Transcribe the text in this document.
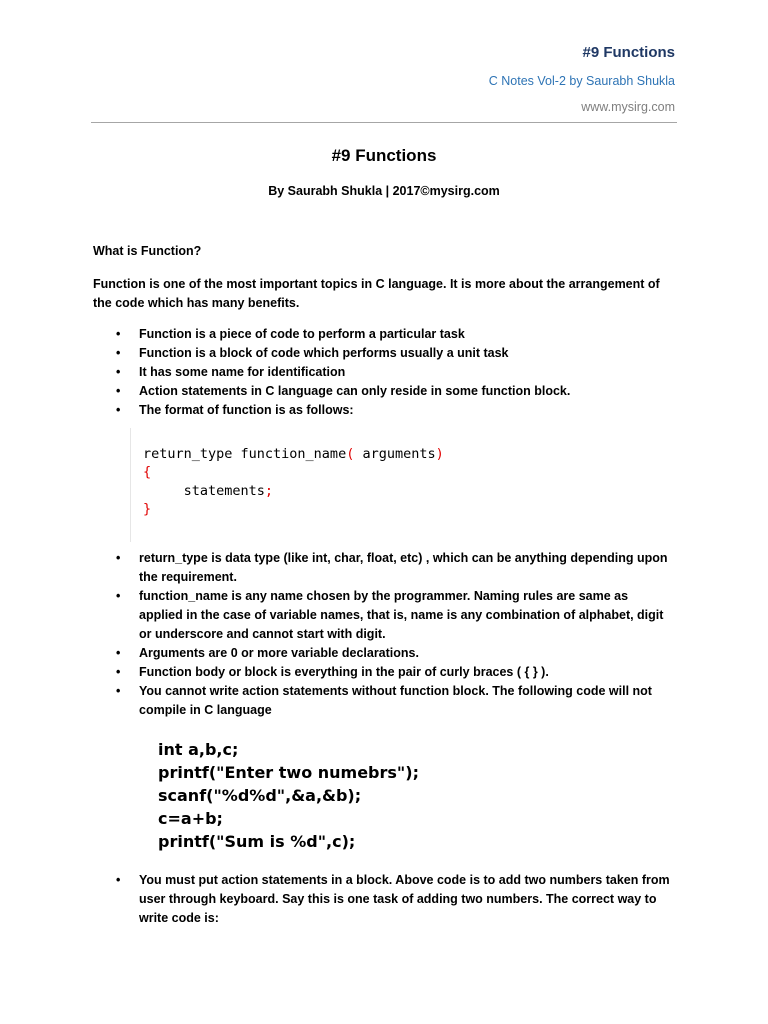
#9 Functions
C Notes Vol-2 by Saurabh Shukla
www.mysirg.com
#9 Functions
By Saurabh Shukla | 2017©mysirg.com
What is Function?
Function is one of the most important topics in C language. It is more about the arrangement of the code which has many benefits.
• Function is a piece of code to perform a particular task
• Function is a block of code which performs usually a unit task
• It has some name for identification
• Action statements in C language can only reside in some function block.
• The format of function is as follows:
return_type function_name( arguments)
{
statements;
}
• return_type is data type (like int, char, float, etc) , which can be anything depending upon the requirement.
• function_name is any name chosen by the programmer. Naming rules are same as applied in the case of variable names, that is, name is any combination of alphabet, digit or underscore and cannot start with digit.
• Arguments are 0 or more variable declarations.
• Function body or block is everything in the pair of curly braces ( { } ).
• You cannot write action statements without function block. The following code will not compile in C language
int a,b,c;
printf("Enter two numebrs");
scanf("%d%d",&a,&b);
c=a+b;
printf("Sum is %d",c);
• You must put action statements in a block. Above code is to add two numbers taken from user through keyboard. Say this is one task of adding two numbers. The correct way to write code is:
